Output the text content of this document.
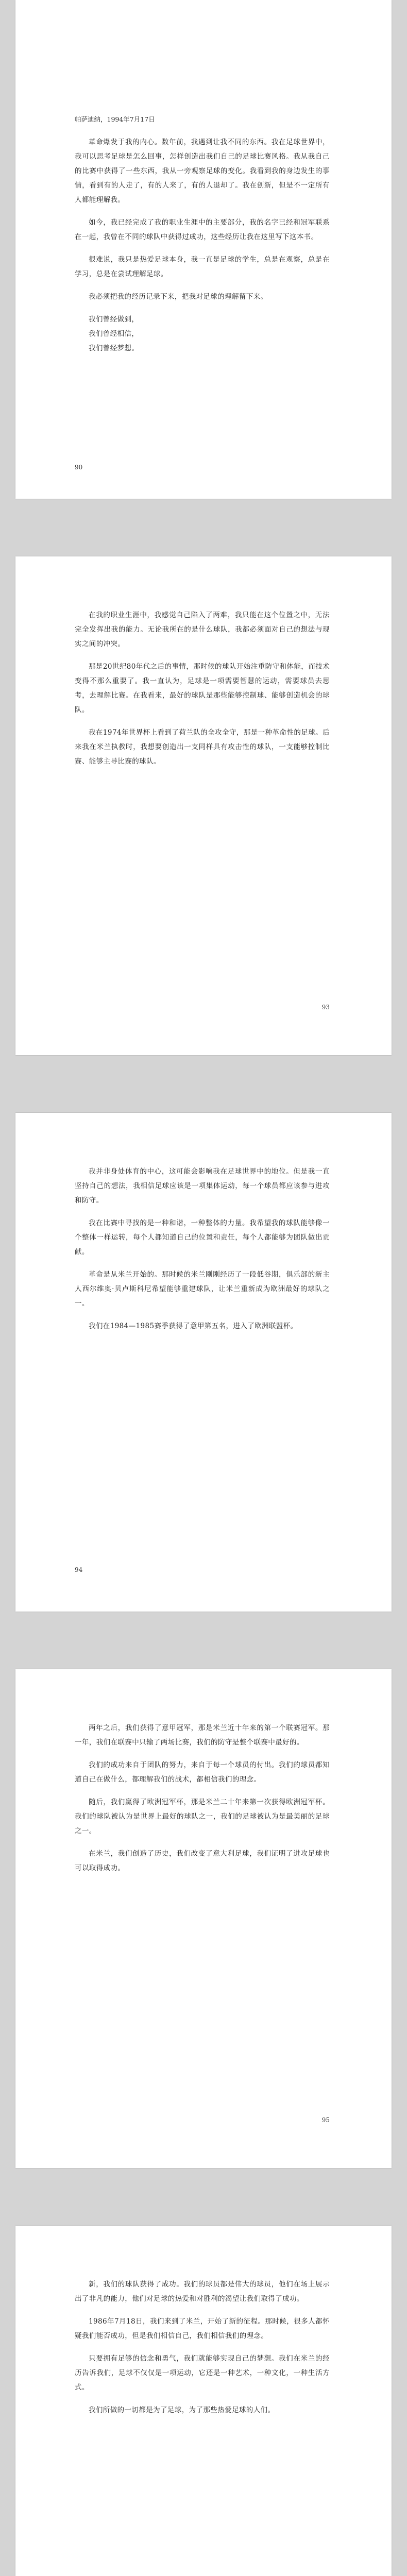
帕萨迪纳，1994年7月17日

革命爆发于我的内心。数年前，我遇到让我不同的东西。我在足球世界中，我可以思考足球是怎么回事，怎样创造出我们自己的足球比赛风格。我从我自己的比赛中获得了一些东西，我从一旁观察足球的变化。我看到我的身边发生的事情，看到有的人走了，有的人来了，有的人退却了。我在创新，但是不一定所有人都能理解我。

如今，我已经完成了我的职业生涯中的主要部分，我的名字已经和冠军联系在一起，我曾在不同的球队中获得过成功，这些经历让我在这里写下这本书。

很难说，我只是热爱足球本身，我一直是足球的学生，总是在观察，总是在学习，总是在尝试理解足球。

我必须把我的经历记录下来，把我对足球的理解留下来。

我们曾经做到，

我们曾经相信，

我们曾经梦想。

90

在我的职业生涯中，我感觉自己陷入了两难，我只能在这个位置之中，无法完全发挥出我的能力。无论我所在的是什么球队，我都必须面对自己的想法与现实之间的冲突。

那是20世纪80年代之后的事情，那时候的球队开始注重防守和体能，而技术变得不那么重要了。我一直认为，足球是一项需要智慧的运动，需要球员去思考，去理解比赛。在我看来，最好的球队是那些能够控制球、能够创造机会的球队。

我在1974年世界杯上看到了荷兰队的全攻全守，那是一种革命性的足球。后来我在米兰执教时，我想要创造出一支同样具有攻击性的球队，一支能够控制比赛、能够主导比赛的球队。

93

我并非身处体育的中心，这可能会影响我在足球世界中的地位。但是我一直坚持自己的想法，我相信足球应该是一项集体运动，每一个球员都应该参与进攻和防守。

我在比赛中寻找的是一种和谐，一种整体的力量。我希望我的球队能够像一个整体一样运转，每个人都知道自己的位置和责任，每个人都能够为团队做出贡献。

革命是从米兰开始的。那时候的米兰刚刚经历了一段低谷期，俱乐部的新主人西尔维奥·贝卢斯科尼希望能够重建球队，让米兰重新成为欧洲最好的球队之一。

我们在1984—1985赛季获得了意甲第五名，进入了欧洲联盟杯。

94

两年之后，我们获得了意甲冠军，那是米兰近十年来的第一个联赛冠军。那一年，我们在联赛中只输了两场比赛，我们的防守是整个联赛中最好的。

我们的成功来自于团队的努力，来自于每一个球员的付出。我们的球员都知道自己在做什么，都理解我们的战术，都相信我们的理念。

随后，我们赢得了欧洲冠军杯，那是米兰二十年来第一次获得欧洲冠军杯。我们的球队被认为是世界上最好的球队之一，我们的足球被认为是最美丽的足球之一。

在米兰，我们创造了历史，我们改变了意大利足球，我们证明了进攻足球也可以取得成功。

95

新，我们的球队获得了成功。我们的球员都是伟大的球员，他们在场上展示出了非凡的能力，他们对足球的热爱和对胜利的渴望让我们取得了成功。

1986年7月18日，我们来到了米兰，开始了新的征程。那时候，很多人都怀疑我们能否成功，但是我们相信自己，我们相信我们的理念。

只要拥有足够的信念和勇气，我们就能够实现自己的梦想。我们在米兰的经历告诉我们，足球不仅仅是一项运动，它还是一种艺术，一种文化，一种生活方式。

我们所做的一切都是为了足球，为了那些热爱足球的人们。
